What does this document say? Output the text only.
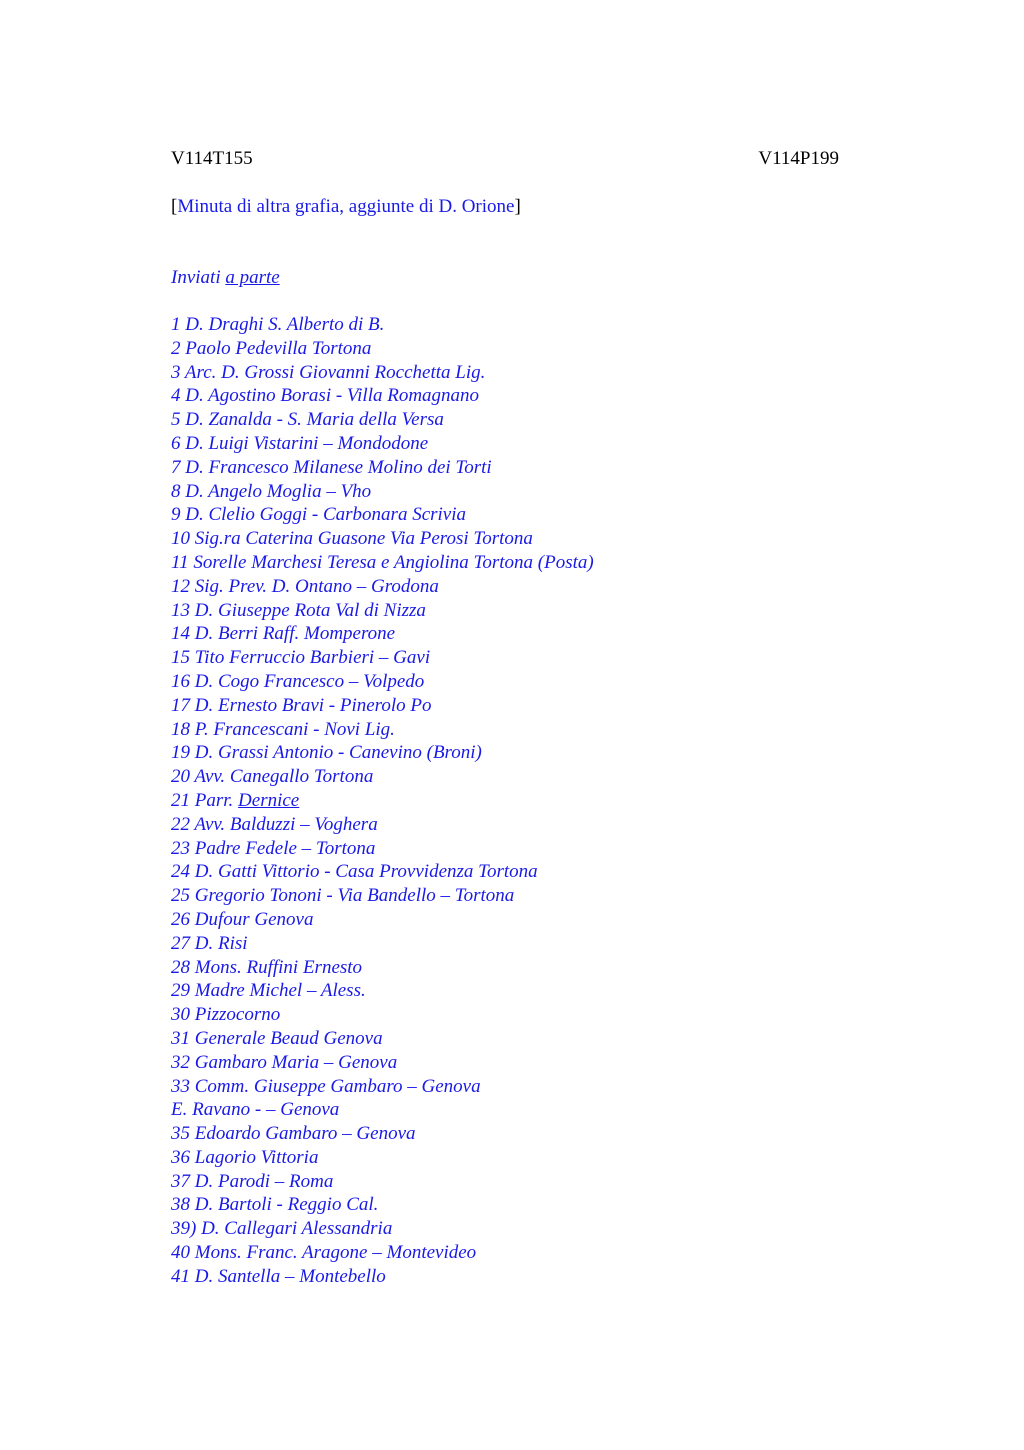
V114T155	V114P199
[Minuta di altra grafia, aggiunte di D. Orione]
Inviati a parte
1 D. Draghi S. Alberto di B.
2 Paolo Pedevilla Tortona
3 Arc. D. Grossi Giovanni Rocchetta Lig.
4 D. Agostino Borasi - Villa Romagnano
5 D. Zanalda - S. Maria della Versa
6 D. Luigi Vistarini – Mondodone
7 D. Francesco Milanese Molino dei Torti
8 D. Angelo Moglia – Vho
9 D. Clelio Goggi - Carbonara Scrivia
10 Sig.ra Caterina Guasone Via Perosi Tortona
11 Sorelle Marchesi Teresa e Angiolina Tortona (Posta)
12 Sig. Prev. D. Ontano – Grodona
13 D. Giuseppe Rota Val di Nizza
14 D. Berri Raff. Momperone
15 Tito Ferruccio Barbieri – Gavi
16 D. Cogo Francesco – Volpedo
17 D. Ernesto Bravi - Pinerolo Po
18 P. Francescani - Novi Lig.
19 D. Grassi Antonio - Canevino (Broni)
20 Avv. Canegallo Tortona
21 Parr. Dernice
22 Avv. Balduzzi – Voghera
23 Padre Fedele – Tortona
24 D. Gatti Vittorio - Casa Provvidenza Tortona
25 Gregorio Tononi - Via Bandello – Tortona
26 Dufour Genova
27 D. Risi
28 Mons. Ruffini Ernesto
29 Madre Michel – Aless.
30 Pizzocorno
31 Generale Beaud Genova
32 Gambaro Maria – Genova
33 Comm. Giuseppe Gambaro – Genova
E. Ravano - – Genova
35 Edoardo Gambaro – Genova
36 Lagorio Vittoria
37 D. Parodi – Roma
38 D. Bartoli - Reggio Cal.
39) D. Callegari Alessandria
40 Mons. Franc. Aragone – Montevideo
41 D. Santella – Montebello
